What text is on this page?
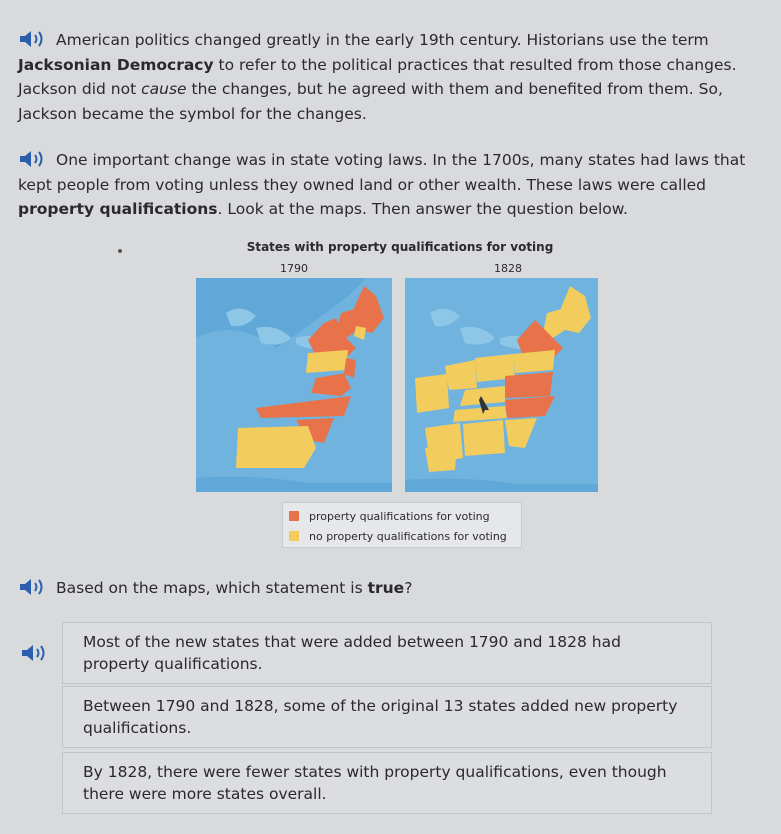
American politics changed greatly in the early 19th century. Historians use the term Jacksonian Democracy to refer to the political practices that resulted from those changes. Jackson did not cause the changes, but he agreed with them and benefited from them. So, Jackson became the symbol for the changes.
One important change was in state voting laws. In the 1700s, many states had laws that kept people from voting unless they owned land or other wealth. These laws were called property qualifications. Look at the maps. Then answer the question below.
States with property qualifications for voting
1790	1828
property qualifications for voting
no property qualifications for voting
Based on the maps, which statement is true?
Most of the new states that were added between 1790 and 1828 had property qualifications.
Between 1790 and 1828, some of the original 13 states added new property qualifications.
By 1828, there were fewer states with property qualifications, even though there were more states overall.
